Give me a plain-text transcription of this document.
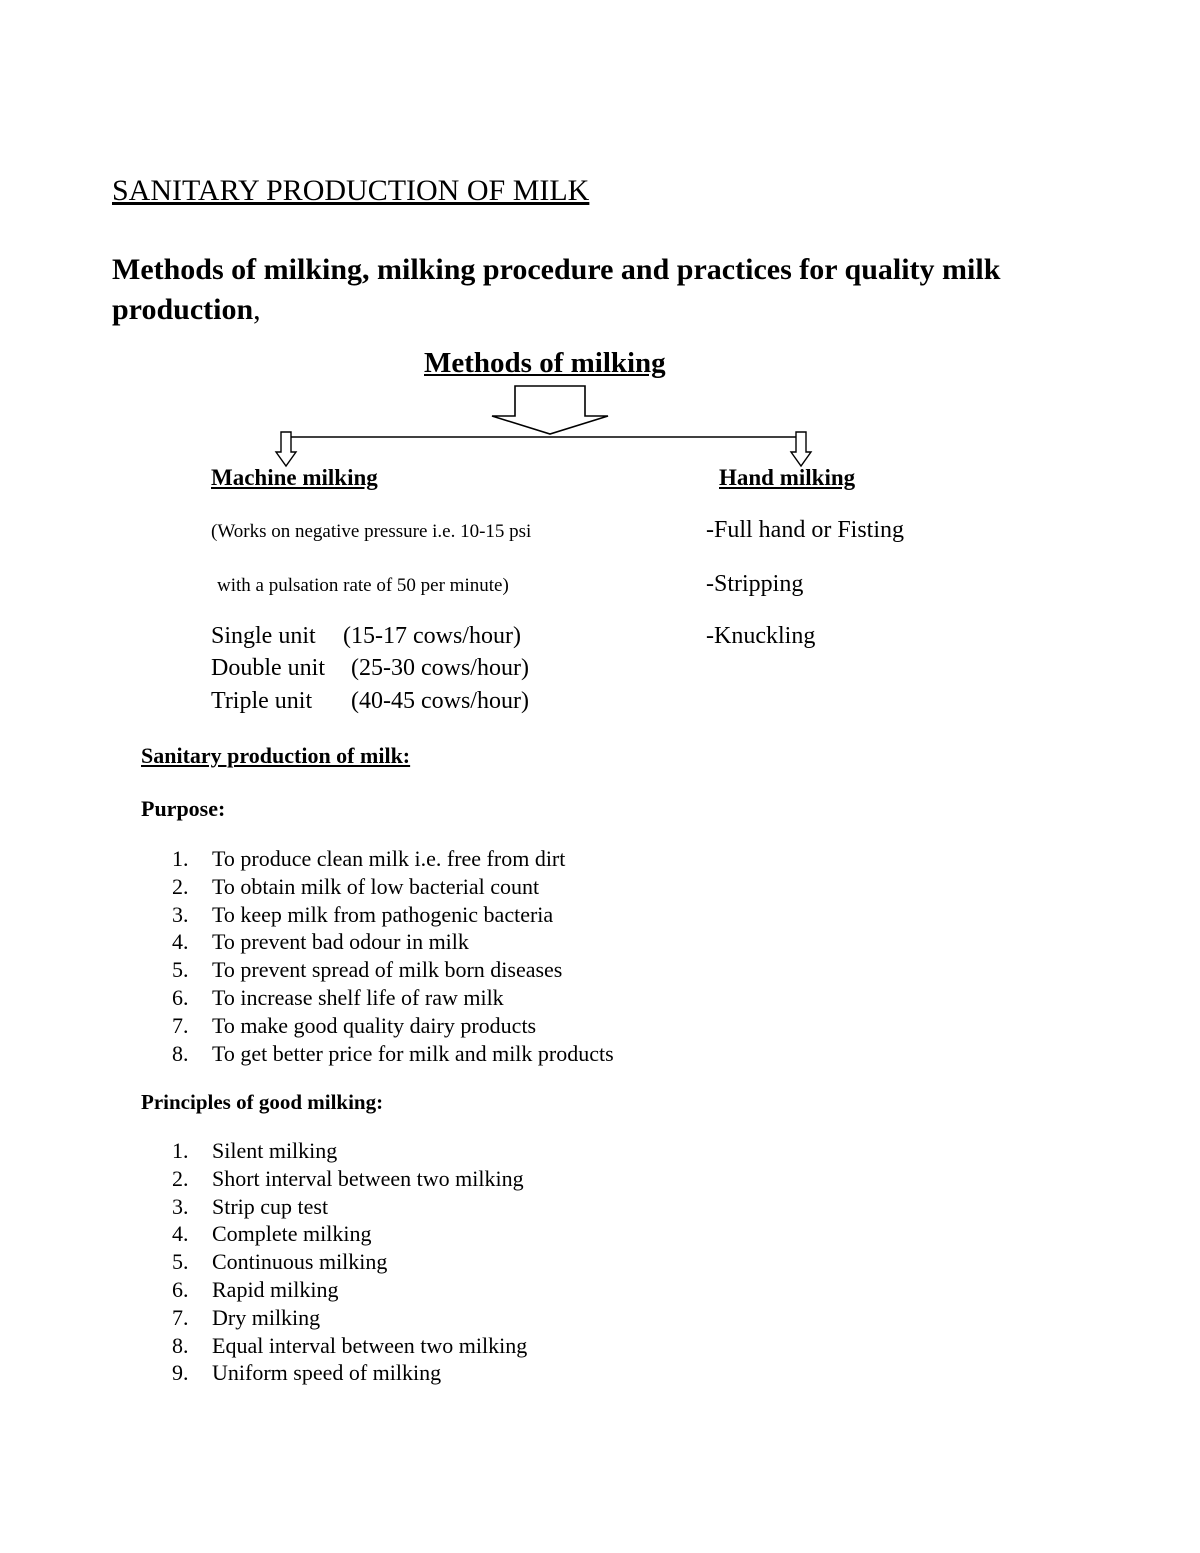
SANITARY PRODUCTION OF MILK
Methods of milking, milking procedure and practices for quality milk production,
Methods of milking
Machine milking
(Works on negative pressure i.e. 10-15 psi
with a pulsation rate of 50 per minute)
Single unit (15-17 cows/hour)
Double unit (25-30 cows/hour)
Triple unit (40-45 cows/hour)
Hand milking
-Full hand or Fisting
-Stripping
-Knuckling
Sanitary production of milk:
Purpose:
1.	To produce clean milk i.e. free from dirt
2.	To obtain milk of low bacterial count
3.	To keep milk from pathogenic bacteria
4.	To prevent bad odour in milk
5.	To prevent spread of milk born diseases
6.	To increase shelf life of raw milk
7.	To make good quality dairy products
8.	To get better price for milk and milk products
Principles of good milking:
1.	Silent milking
2.	Short interval between two milking
3.	Strip cup test
4.	Complete milking
5.	Continuous milking
6.	Rapid milking
7.	Dry milking
8.	Equal interval between two milking
9.	Uniform speed of milking
